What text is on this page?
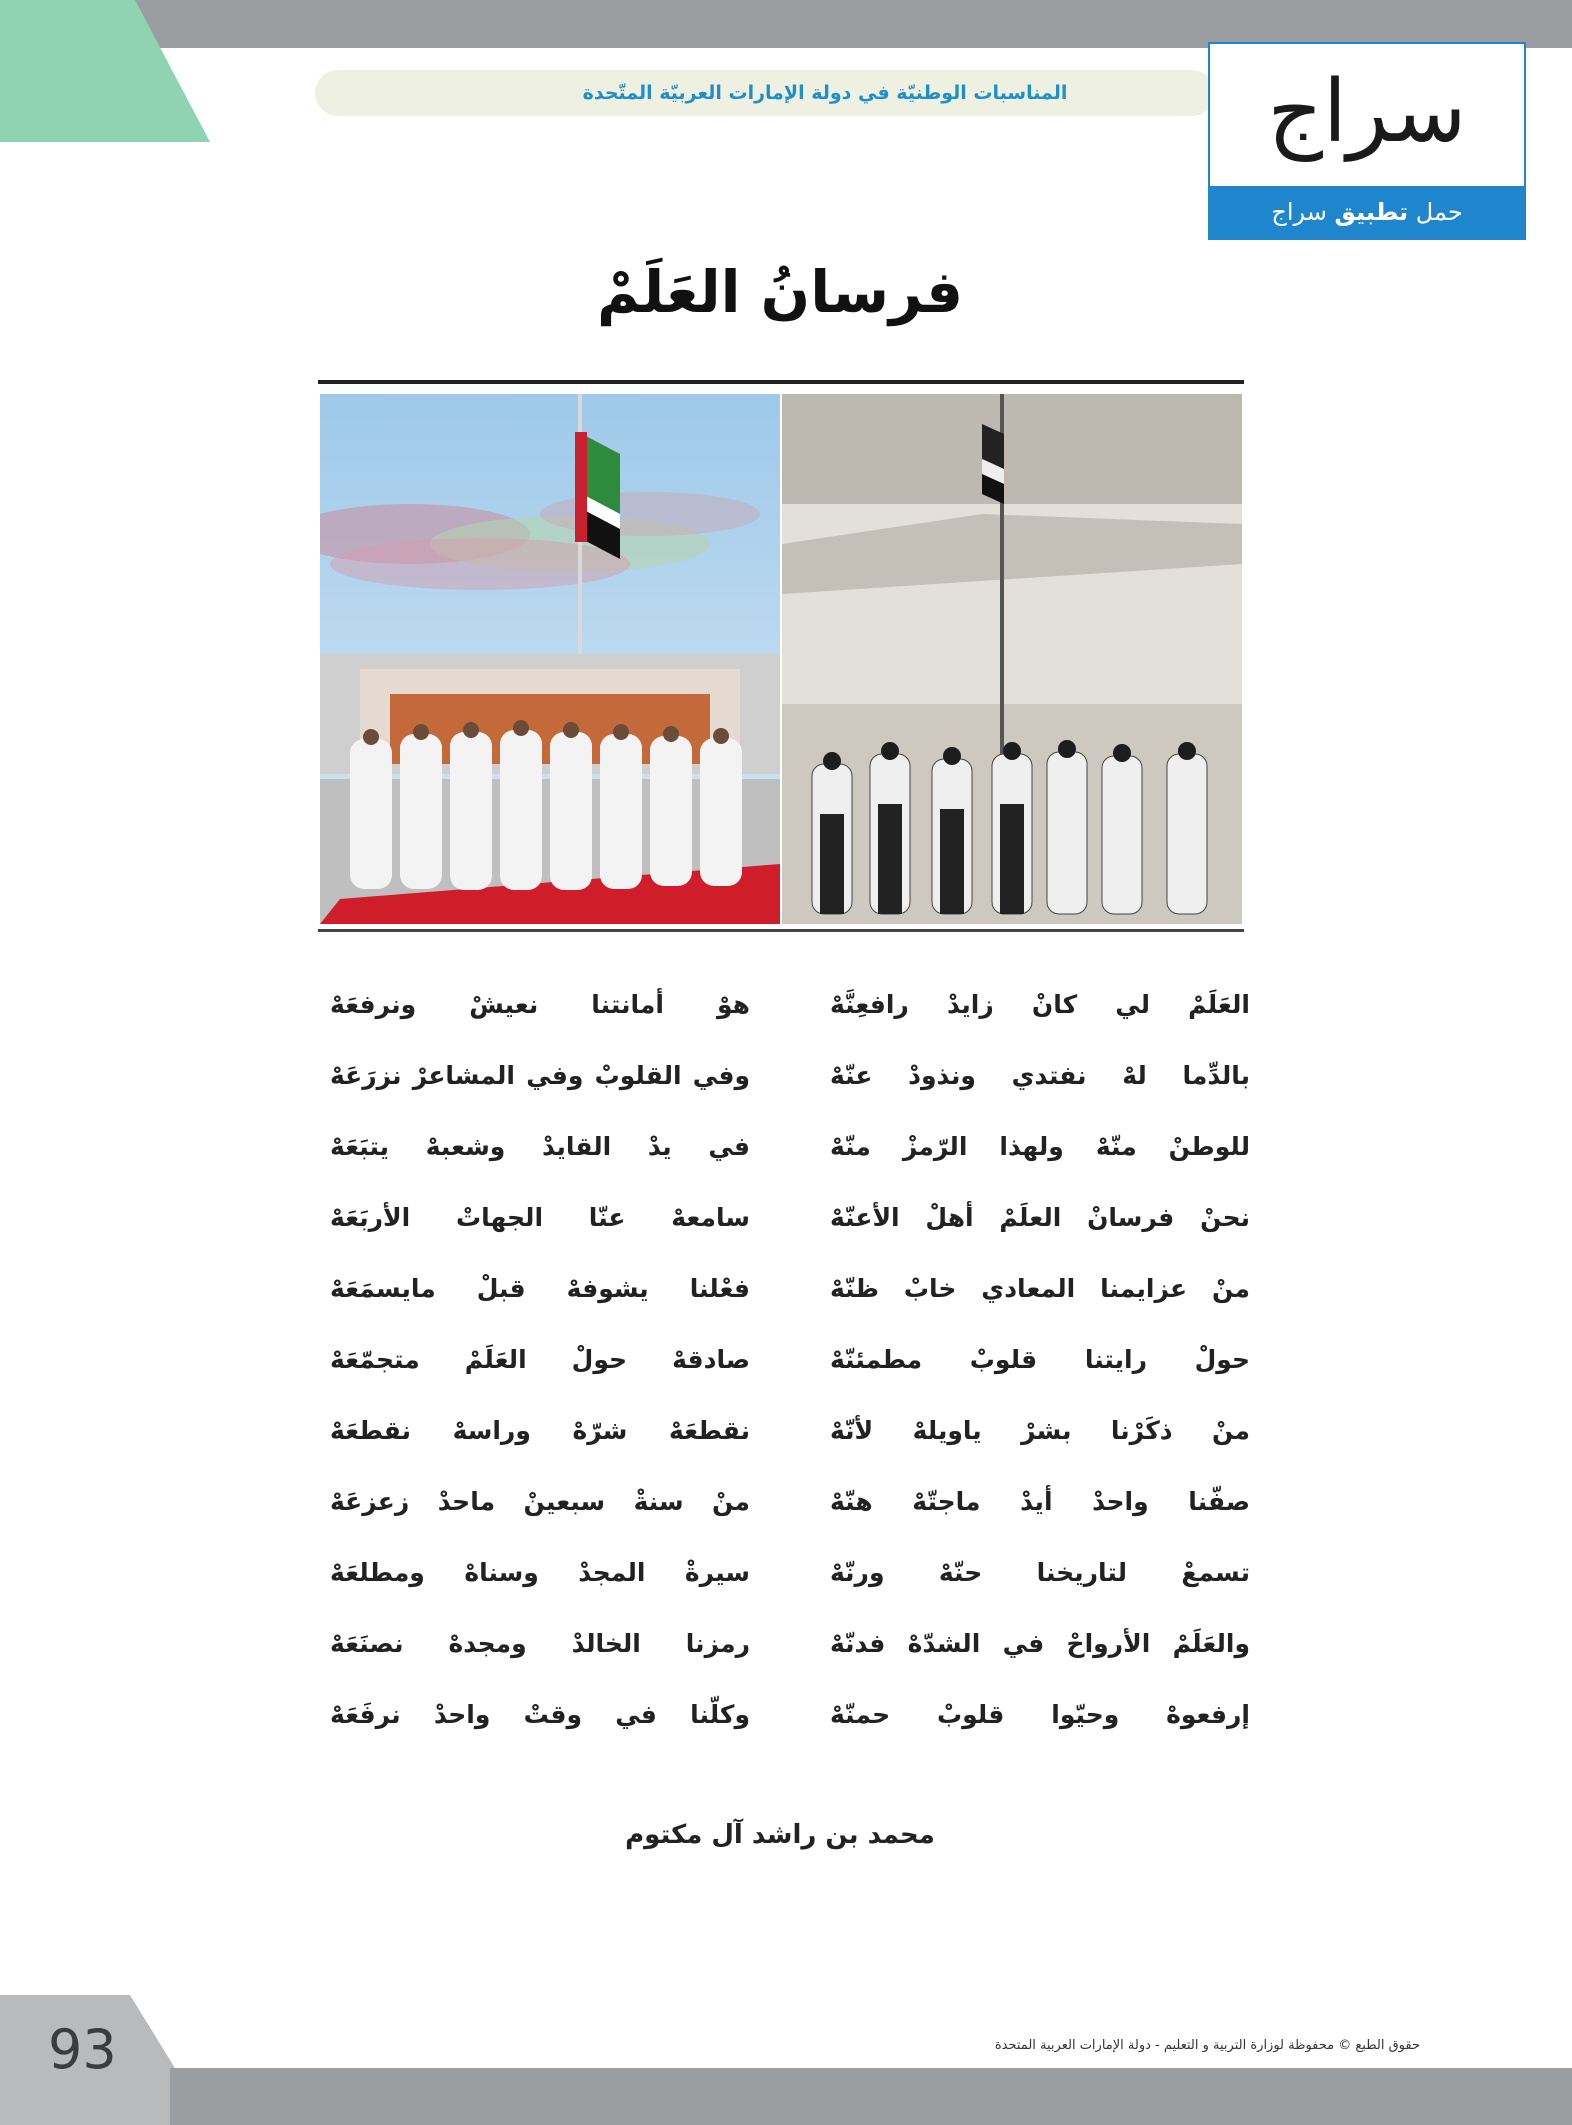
المناسبات الوطنيّة في دولة الإمارات العربيّة المتّحدة	سراج
حمل تطبيق سراج
فرسانُ العَلَمْ
العَلَمْ لي كانْ زايدْ رافعِنَّهْ
هوْ أمانتنا نعيشْ ونرفعَهْ
بالدِّما لهْ نفتدي ونذودْ عنّهْ
وفي القلوبْ وفي المشاعرْ نزرَعَهْ
للوطنْ منّهْ ولهذا الرّمزْ منّهْ
في يدْ القايدْ وشعبهْ يتبَعَهْ
نحنْ فرسانْ العلَمْ أهلْ الأعنّهْ
سامعهْ عنّا الجهاتْ الأربَعَهْ
منْ عزايمنا المعادي خابْ ظنّهْ
فعْلنا يشوفهْ قبلْ مايسمَعَهْ
حولْ رايتنا قلوبْ مطمئنّهْ
صادقهْ حولْ العَلَمْ متجمّعَهْ
منْ ذكَرْنا بشرْ ياويلهْ لأنّهْ
نقطعَهْ شرّهْ وراسهْ نقطعَهْ
صفّنا واحدْ أيدْ ماجتّهْ هنّهْ
منْ سنةْ سبعينْ ماحدْ زعزعَهْ
تسمعْ لتاريخنا حنّهْ ورنّهْ
سيرةْ المجدْ وسناهْ ومطلعَهْ
والعَلَمْ الأرواحْ في الشدّهْ فدنّهْ
رمزنا الخالدْ ومجدهْ نصنَعَهْ
إرفعوهْ وحيّوا قلوبْ حمنّهْ
وكلّنا في وقتْ واحدْ نرفَعَهْ
محمد بن راشد آل مكتوم
93	حقوق الطبع © محفوظة لوزارة التربية و التعليم - دولة الإمارات العربية المتحدة
